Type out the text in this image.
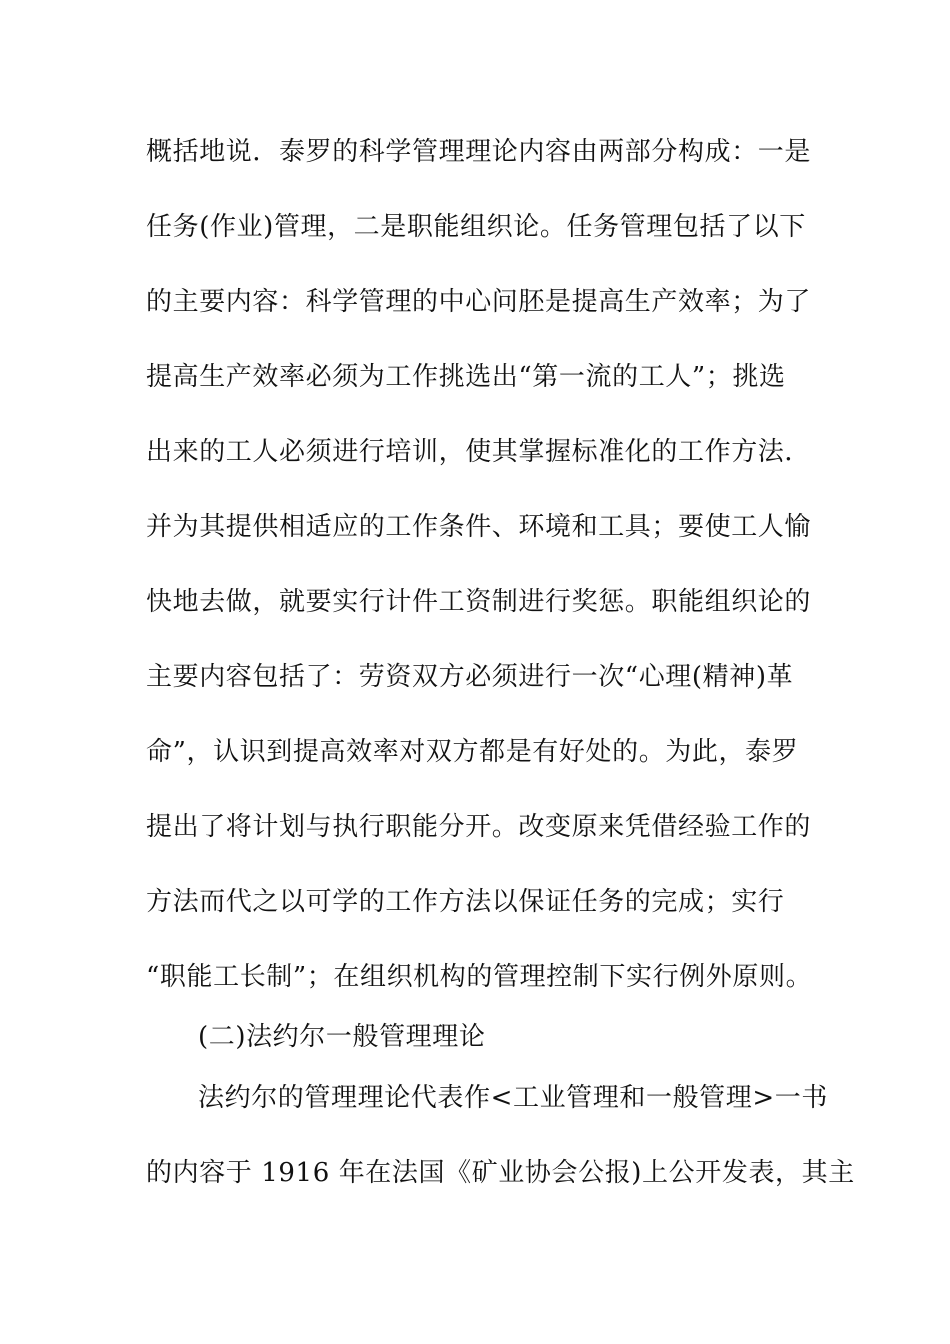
概括地说．泰罗的科学管理理论内容由两部分构成：一是
任务(作业)管理，二是职能组织论。任务管理包括了以下
的主要内容：科学管理的中心问胚是提高生产效率；为了
提高生产效率必须为工作挑选出“第一流的工人”；挑选
出来的工人必须进行培训，使其掌握标准化的工作方法．
并为其提供相适应的工作条件、环境和工具；要使工人愉
快地去做，就要实行计件工资制进行奖惩。职能组织论的
主要内容包括了：劳资双方必须进行一次“心理(精神)革
命”，认识到提高效率对双方都是有好处的。为此，泰罗
提出了将计划与执行职能分开。改变原来凭借经验工作的
方法而代之以可学的工作方法以保证任务的完成；实行
“职能工长制”；在组织机构的管理控制下实行例外原则。
(二)法约尔一般管理理论
法约尔的管理理论代表作<工业管理和一般管理>一书
的内容于 1916 年在法国《矿业协会公报)上公开发表，其主
